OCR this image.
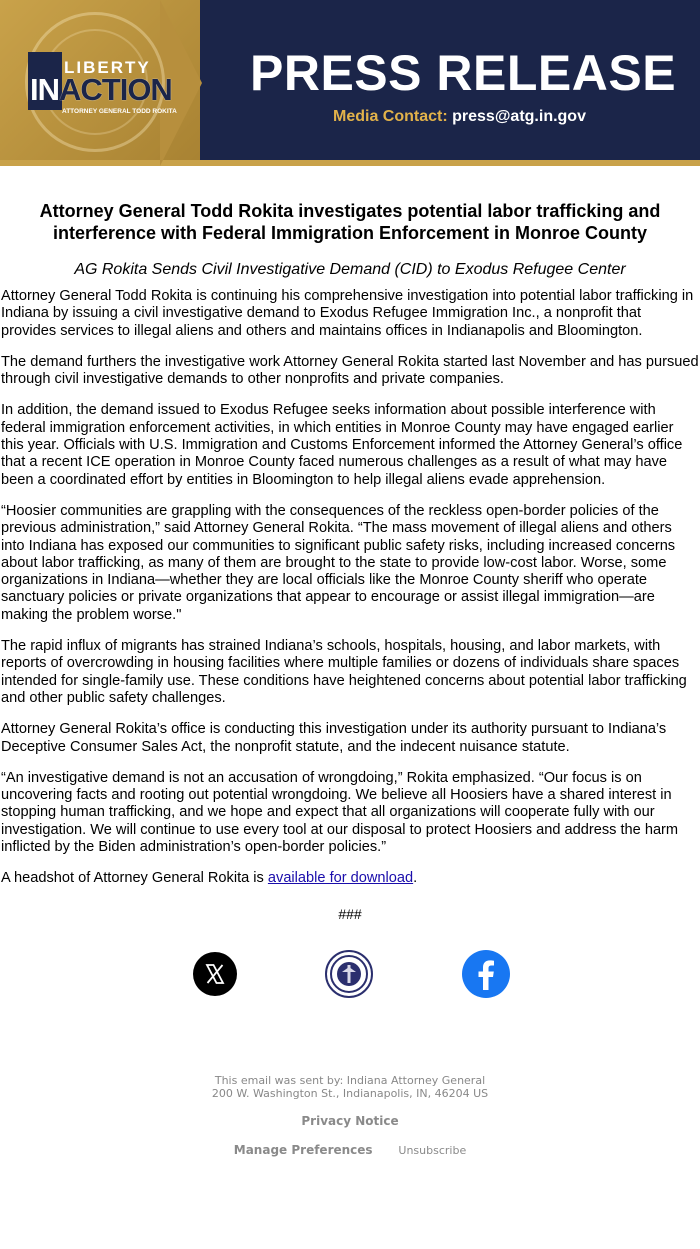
LIBERTY
INACTION
ATTORNEY GENERAL TODD ROKITA
PRESS RELEASE
Media Contact: press@atg.in.gov
Attorney General Todd Rokita investigates potential labor trafficking and interference with Federal Immigration Enforcement in Monroe County
AG Rokita Sends Civil Investigative Demand (CID) to Exodus Refugee Center

Attorney General Todd Rokita is continuing his comprehensive investigation into potential labor trafficking in Indiana by issuing a civil investigative demand to Exodus Refugee Immigration Inc., a nonprofit that provides services to illegal aliens and others and maintains offices in Indianapolis and Bloomington.

The demand furthers the investigative work Attorney General Rokita started last November and has pursued through civil investigative demands to other nonprofits and private companies.

In addition, the demand issued to Exodus Refugee seeks information about possible interference with federal immigration enforcement activities, in which entities in Monroe County may have engaged earlier this year. Officials with U.S. Immigration and Customs Enforcement informed the Attorney General’s office that a recent ICE operation in Monroe County faced numerous challenges as a result of what may have been a coordinated effort by entities in Bloomington to help illegal aliens evade apprehension.

“Hoosier communities are grappling with the consequences of the reckless open-border policies of the previous administration,” said Attorney General Rokita. “The mass movement of illegal aliens and others into Indiana has exposed our communities to significant public safety risks, including increased concerns about labor trafficking, as many of them are brought to the state to provide low-cost labor. Worse, some organizations in Indiana—whether they are local officials like the Monroe County sheriff who operate sanctuary policies or private organizations that appear to encourage or assist illegal immigration—are making the problem worse."

The rapid influx of migrants has strained Indiana’s schools, hospitals, housing, and labor markets, with reports of overcrowding in housing facilities where multiple families or dozens of individuals share spaces intended for single-family use. These conditions have heightened concerns about potential labor trafficking and other public safety challenges.

Attorney General Rokita’s office is conducting this investigation under its authority pursuant to Indiana’s Deceptive Consumer Sales Act, the nonprofit statute, and the indecent nuisance statute.

“An investigative demand is not an accusation of wrongdoing,” Rokita emphasized. “Our focus is on uncovering facts and rooting out potential wrongdoing. We believe all Hoosiers have a shared interest in stopping human trafficking, and we hope and expect that all organizations will cooperate fully with our investigation. We will continue to use every tool at our disposal to protect Hoosiers and address the harm inflicted by the Biden administration’s open-border policies.”

A headshot of Attorney General Rokita is available for download.

###
This email was sent by: Indiana Attorney General
200 W. Washington St., Indianapolis, IN, 46204 US
Privacy Notice
Manage Preferences Unsubscribe
